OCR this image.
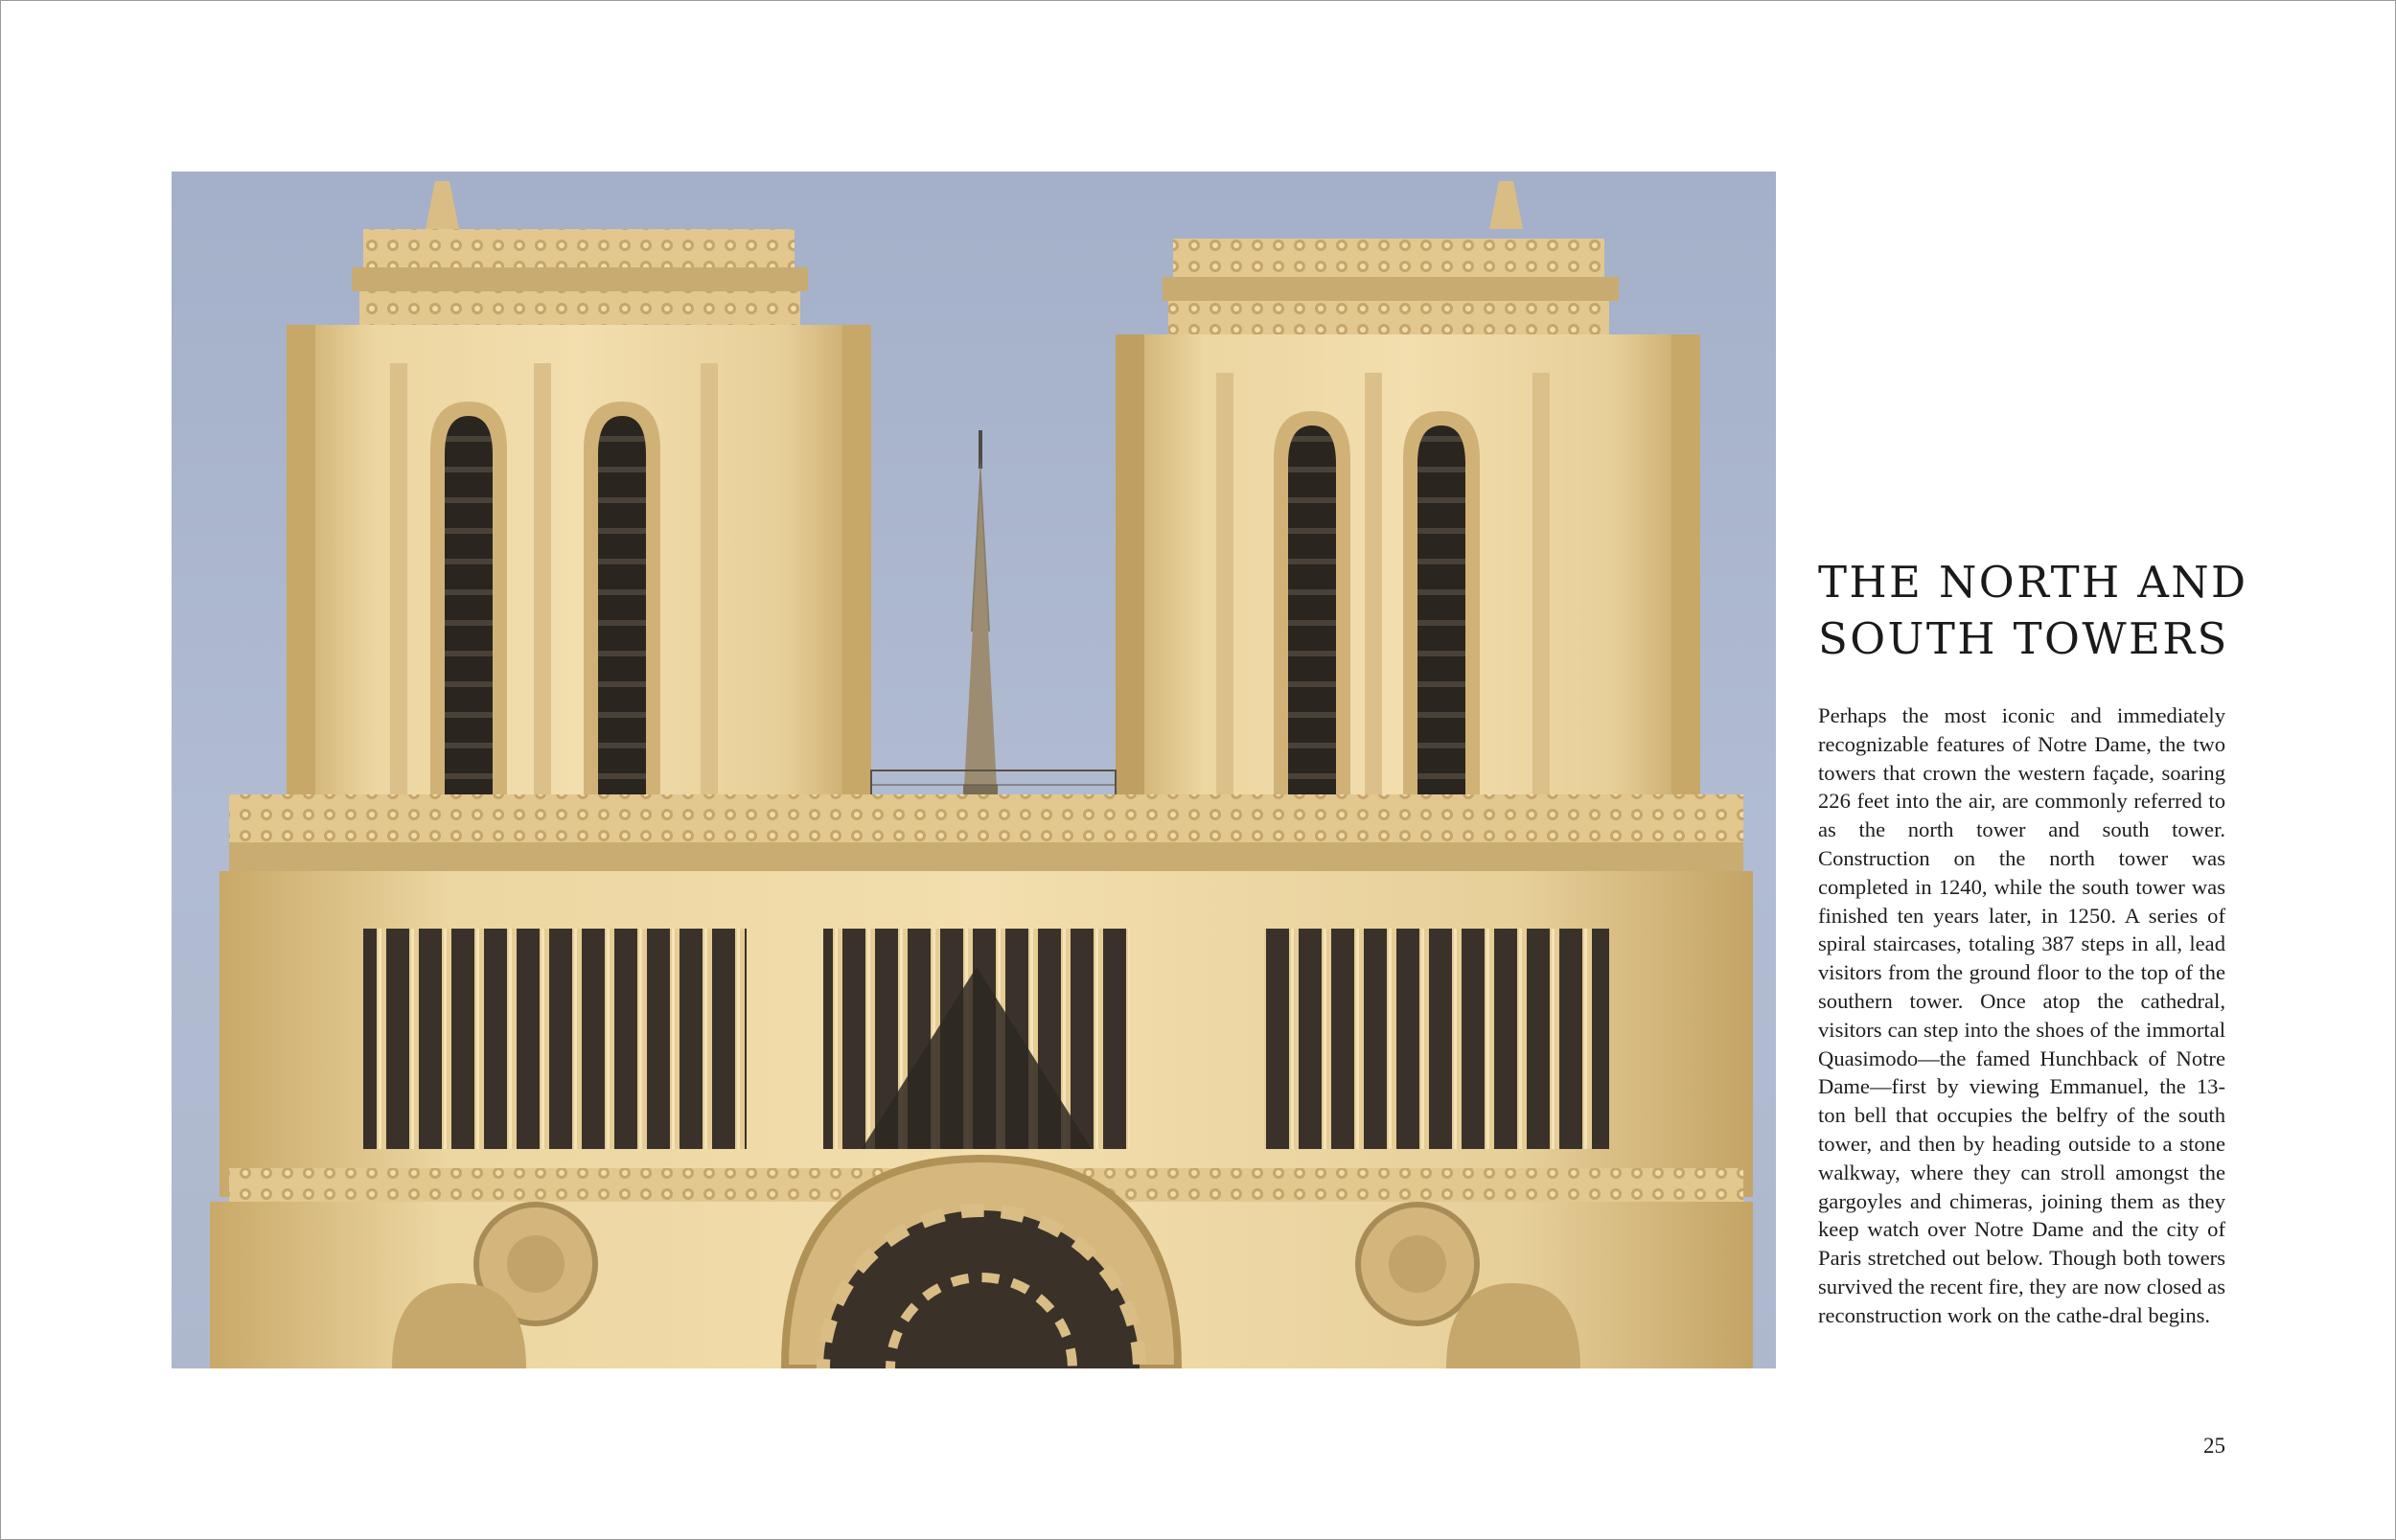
THE NORTH AND
SOUTH TOWERS

Perhaps the most iconic and immediately recognizable features of Notre Dame, the two towers that crown the western façade, soaring 226 feet into the air, are commonly referred to as the north tower and south tower. Construction on the north tower was completed in 1240, while the south tower was finished ten years later, in 1250. A series of spiral staircases, totaling 387 steps in all, lead visitors from the ground floor to the top of the southern tower. Once atop the cathedral, visitors can step into the shoes of the immortal Quasimodo—the famed Hunchback of Notre Dame—first by viewing Emmanuel, the 13-ton bell that occupies the belfry of the south tower, and then by heading outside to a stone walkway, where they can stroll amongst the gargoyles and chimeras, joining them as they keep watch over Notre Dame and the city of Paris stretched out below. Though both towers survived the recent fire, they are now closed as reconstruction work on the cathe-dral begins.

25
